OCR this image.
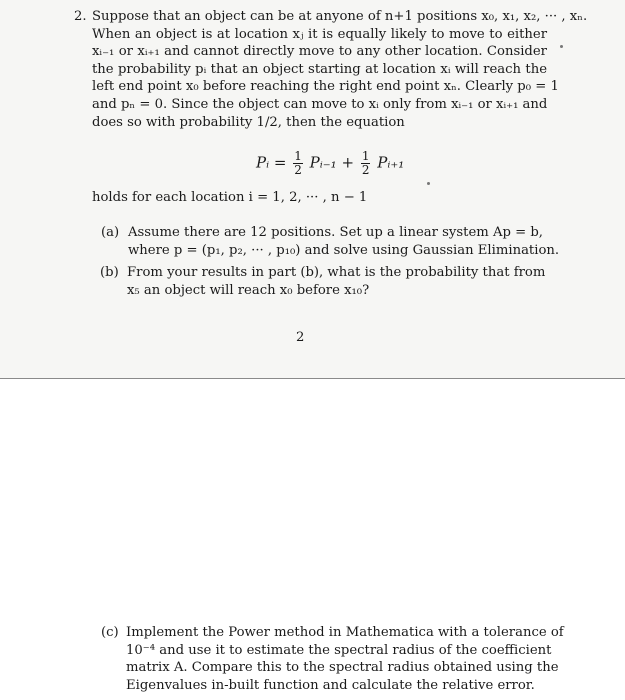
2. Suppose that an object can be at anyone of n+1 positions x₀, x₁, x₂, ··· , xₙ.
When an object is at location xⱼ it is equally likely to move to either
xᵢ₋₁ or xᵢ₊₁ and cannot directly move to any other location. Consider
the probability pᵢ that an object starting at location xᵢ will reach the
left end point x₀ before reaching the right end point xₙ. Clearly p₀ = 1
and pₙ = 0. Since the object can move to xᵢ only from xᵢ₋₁ or xᵢ₊₁ and
does so with probability 1/2, then the equation
Pᵢ = $\frac{1}{2}$ Pᵢ₋₁ + $\frac{1}{2}$ Pᵢ₊₁
holds for each location i = 1, 2, ··· , n − 1
(a) Assume there are 12 positions. Set up a linear system Ap = b,
where p = (p₁, p₂, ··· , p₁₀) and solve using Gaussian Elimination.
(b) From your results in part (b), what is the probability that from
x₅ an object will reach x₀ before x₁₀?
2
(c) Implement the Power method in Mathematica with a tolerance of
10⁻⁴ and use it to estimate the spectral radius of the coefficient
matrix A. Compare this to the spectral radius obtained using the
Eigenvalues in-built function and calculate the relative error.
